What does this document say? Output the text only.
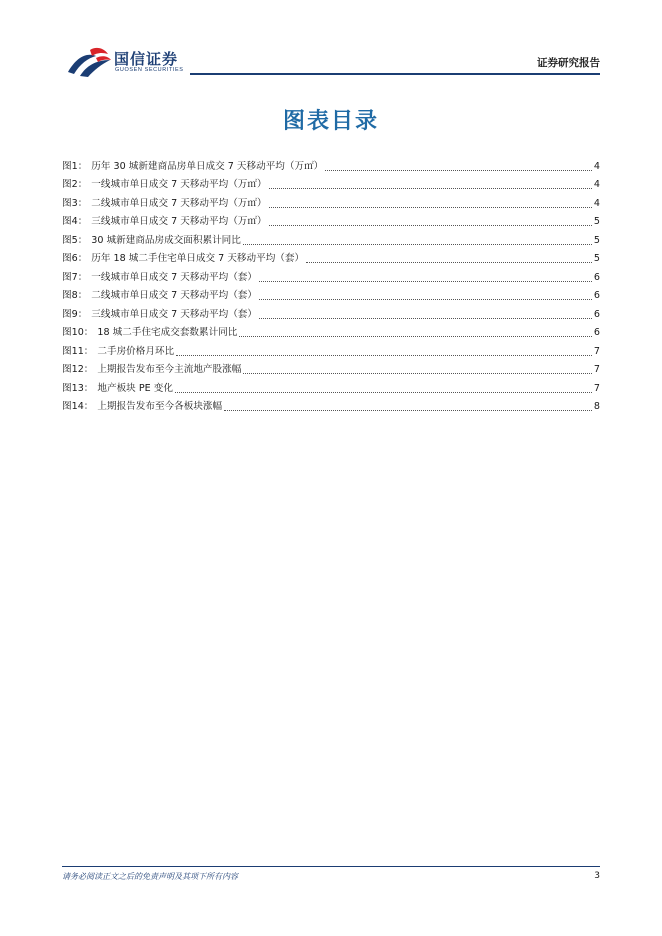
国信证券
GUOSEN SECURITIES
证券研究报告
图表目录
图1： 历年 30 城新建商品房单日成交 7 天移动平均（万㎡）	4
图2： 一线城市单日成交 7 天移动平均（万㎡）	4
图3： 二线城市单日成交 7 天移动平均（万㎡）	4
图4： 三线城市单日成交 7 天移动平均（万㎡）	5
图5： 30 城新建商品房成交面积累计同比	5
图6： 历年 18 城二手住宅单日成交 7 天移动平均（套）	5
图7： 一线城市单日成交 7 天移动平均（套）	6
图8： 二线城市单日成交 7 天移动平均（套）	6
图9： 三线城市单日成交 7 天移动平均（套）	6
图10： 18 城二手住宅成交套数累计同比	6
图11： 二手房价格月环比	7
图12： 上期报告发布至今主流地产股涨幅	7
图13： 地产板块 PE 变化	7
图14： 上期报告发布至今各板块涨幅	8
请务必阅读正文之后的免责声明及其项下所有内容	3
